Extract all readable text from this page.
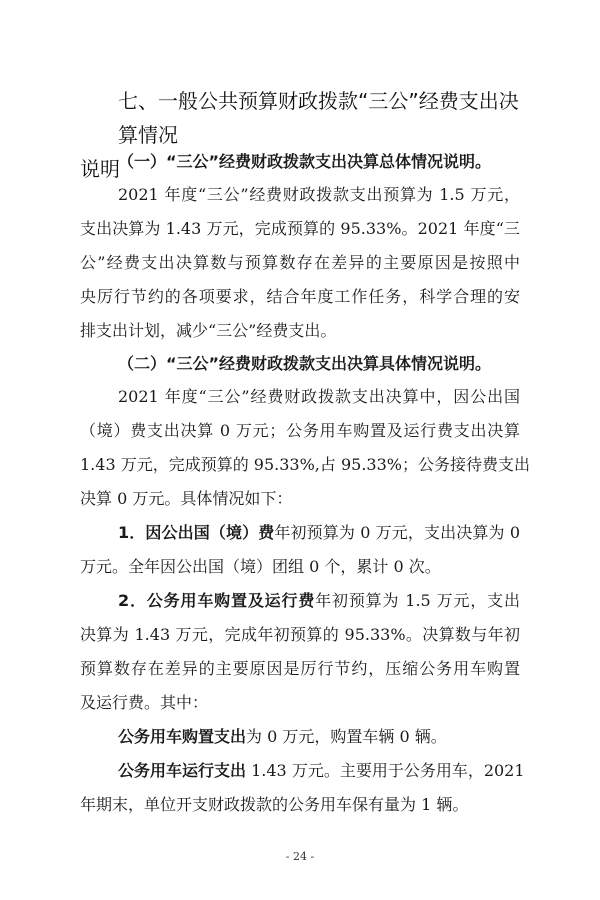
七、一般公共预算财政拨款“三公”经费支出决算情况
说明
（一）“三公”经费财政拨款支出决算总体情况说明。
2021 年度“三公”经费财政拨款支出预算为 1.5 万元，
支出决算为 1.43 万元，完成预算的 95.33%。2021 年度“三
公”经费支出决算数与预算数存在差异的主要原因是按照中
央厉行节约的各项要求，结合年度工作任务，科学合理的安
排支出计划，减少“三公”经费支出。
（二）“三公”经费财政拨款支出决算具体情况说明。
2021 年度“三公”经费财政拨款支出决算中，因公出国
（境）费支出决算 0 万元；公务用车购置及运行费支出决算
1.43 万元，完成预算的 95.33%,占 95.33%；公务接待费支出
决算 0 万元。具体情况如下：
1．因公出国（境）费年初预算为 0 万元，支出决算为 0
万元。全年因公出国（境）团组 0 个，累计 0 次。
2．公务用车购置及运行费年初预算为 1.5 万元，支出
决算为 1.43 万元，完成年初预算的 95.33%。决算数与年初
预算数存在差异的主要原因是厉行节约，压缩公务用车购置
及运行费。其中：
公务用车购置支出为 0 万元，购置车辆 0 辆。
公务用车运行支出 1.43 万元。主要用于公务用车，2021
年期末，单位开支财政拨款的公务用车保有量为 1 辆。
- 24 -
